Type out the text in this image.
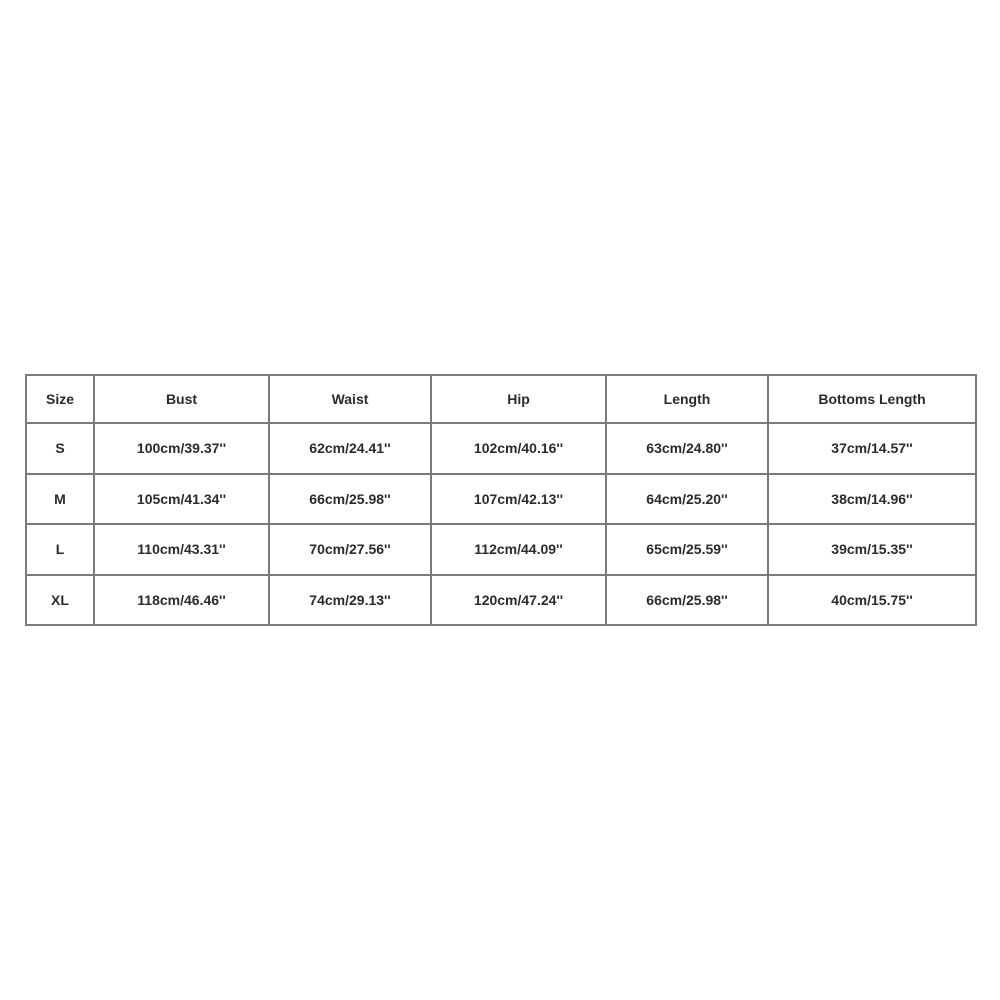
Size	Bust	Waist	Hip	Length	Bottoms Length
S	100cm/39.37''	62cm/24.41''	102cm/40.16''	63cm/24.80''	37cm/14.57''
M	105cm/41.34''	66cm/25.98''	107cm/42.13''	64cm/25.20''	38cm/14.96''
L	110cm/43.31''	70cm/27.56''	112cm/44.09''	65cm/25.59''	39cm/15.35''
XL	118cm/46.46''	74cm/29.13''	120cm/47.24''	66cm/25.98''	40cm/15.75''
